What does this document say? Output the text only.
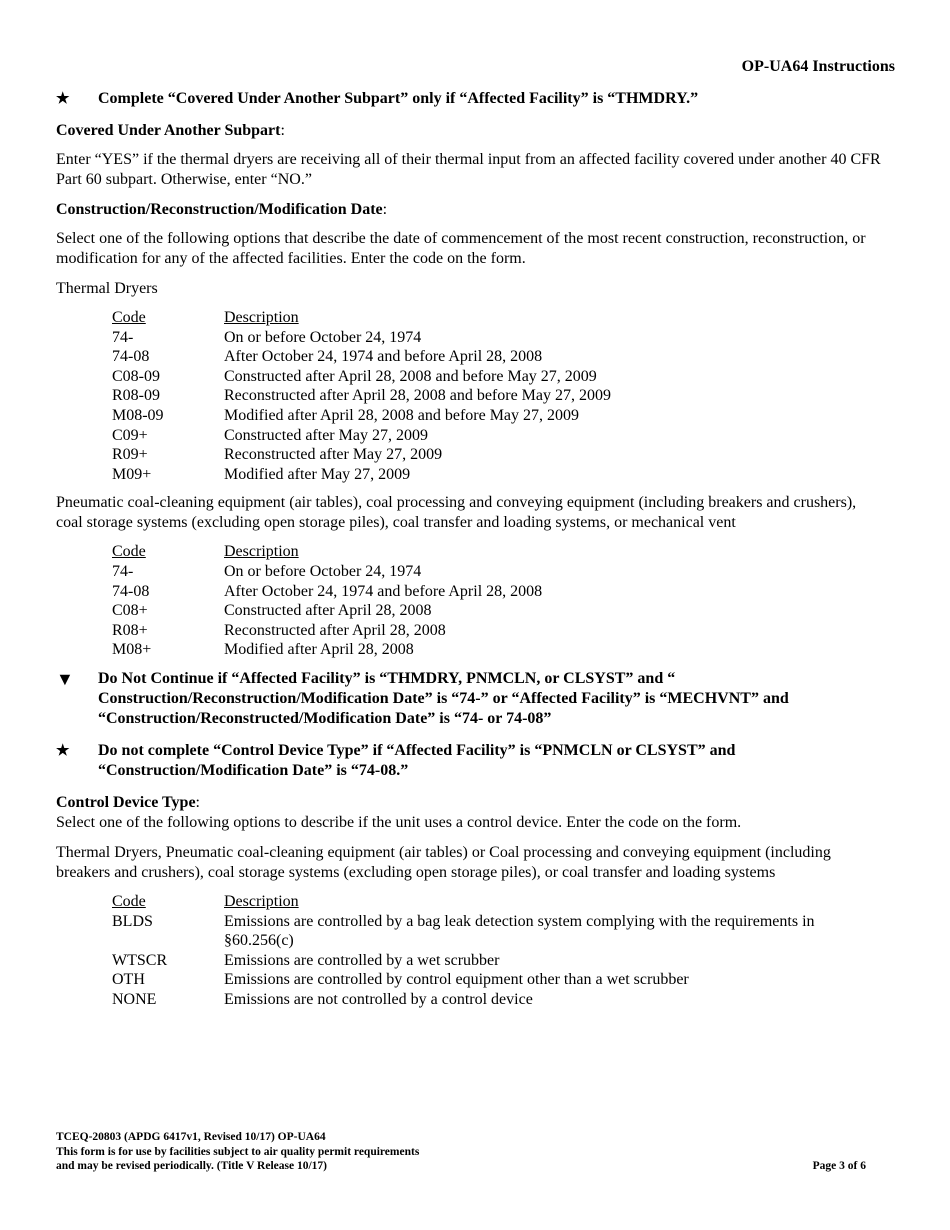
OP-UA64 Instructions
★	Complete “Covered Under Another Subpart” only if “Affected Facility” is “THMDRY.”
Covered Under Another Subpart:

Enter “YES” if the thermal dryers are receiving all of their thermal input from an affected facility covered under another 40 CFR Part 60 subpart. Otherwise, enter “NO.”

Construction/Reconstruction/Modification Date:

Select one of the following options that describe the date of commencement of the most recent construction, reconstruction, or modification for any of the affected facilities. Enter the code on the form.

Thermal Dryers
Code	Description
74-	On or before October 24, 1974
74-08	After October 24, 1974 and before April 28, 2008
C08-09	Constructed after April 28, 2008 and before May 27, 2009
R08-09	Reconstructed after April 28, 2008 and before May 27, 2009
M08-09	Modified after April 28, 2008 and before May 27, 2009
C09+	Constructed after May 27, 2009
R09+	Reconstructed after May 27, 2009
M09+	Modified after May 27, 2009
Pneumatic coal-cleaning equipment (air tables), coal processing and conveying equipment (including breakers and crushers), coal storage systems (excluding open storage piles), coal transfer and loading systems, or mechanical vent
Code	Description
74-	On or before October 24, 1974
74-08	After October 24, 1974 and before April 28, 2008
C08+	Constructed after April 28, 2008
R08+	Reconstructed after April 28, 2008
M08+	Modified after April 28, 2008
▼	Do Not Continue if “Affected Facility” is “THMDRY, PNMCLN, or CLSYST” and “ Construction/Reconstruction/Modification Date” is “74-” or “Affected Facility” is “MECHVNT” and “Construction/Reconstructed/Modification Date” is “74- or 74-08”
★	Do not complete “Control Device Type” if “Affected Facility” is “PNMCLN or CLSYST” and “Construction/Modification Date” is “74-08.”
Control Device Type:

Select one of the following options to describe if the unit uses a control device. Enter the code on the form.

Thermal Dryers, Pneumatic coal-cleaning equipment (air tables) or Coal processing and conveying equipment (including breakers and crushers), coal storage systems (excluding open storage piles), or coal transfer and loading systems
Code	Description
BLDS	Emissions are controlled by a bag leak detection system complying with the requirements in §60.256(c)
WTSCR	Emissions are controlled by a wet scrubber
OTH	Emissions are controlled by control equipment other than a wet scrubber
NONE	Emissions are not controlled by a control device
TCEQ-20803 (APDG 6417v1, Revised 10/17) OP-UA64
This form is for use by facilities subject to air quality permit requirements
and may be revised periodically. (Title V Release 10/17)	Page 3 of 6
